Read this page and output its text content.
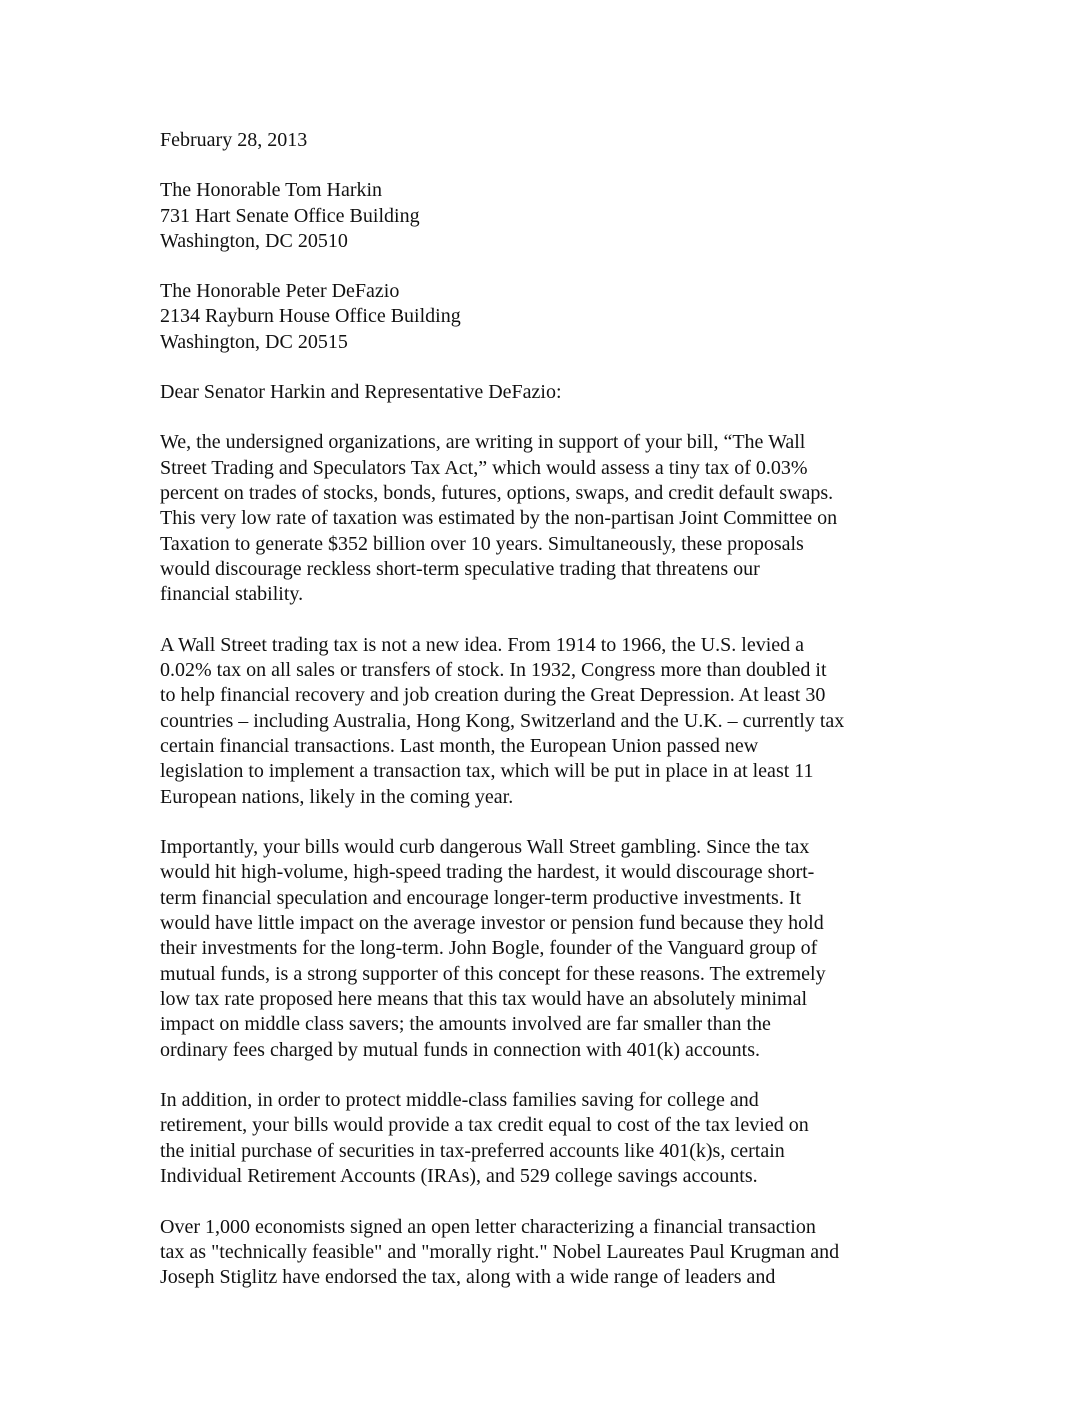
February 28, 2013
The Honorable Tom Harkin
731 Hart Senate Office Building
Washington, DC 20510
The Honorable Peter DeFazio
2134 Rayburn House Office Building
Washington, DC 20515
Dear Senator Harkin and Representative DeFazio:
We, the undersigned organizations, are writing in support of your bill, “The Wall
Street Trading and Speculators Tax Act,” which would assess a tiny tax of 0.03%
percent on trades of stocks, bonds, futures, options, swaps, and credit default swaps.
This very low rate of taxation was estimated by the non-partisan Joint Committee on
Taxation to generate $352 billion over 10 years. Simultaneously, these proposals
would discourage reckless short-term speculative trading that threatens our
financial stability.
A Wall Street trading tax is not a new idea. From 1914 to 1966, the U.S. levied a
0.02% tax on all sales or transfers of stock. In 1932, Congress more than doubled it
to help financial recovery and job creation during the Great Depression. At least 30
countries – including Australia, Hong Kong, Switzerland and the U.K. – currently tax
certain financial transactions. Last month, the European Union passed new
legislation to implement a transaction tax, which will be put in place in at least 11
European nations, likely in the coming year.
Importantly, your bills would curb dangerous Wall Street gambling. Since the tax
would hit high-volume, high-speed trading the hardest, it would discourage short-
term financial speculation and encourage longer-term productive investments. It
would have little impact on the average investor or pension fund because they hold
their investments for the long-term. John Bogle, founder of the Vanguard group of
mutual funds, is a strong supporter of this concept for these reasons. The extremely
low tax rate proposed here means that this tax would have an absolutely minimal
impact on middle class savers; the amounts involved are far smaller than the
ordinary fees charged by mutual funds in connection with 401(k) accounts.
In addition, in order to protect middle-class families saving for college and
retirement, your bills would provide a tax credit equal to cost of the tax levied on
the initial purchase of securities in tax-preferred accounts like 401(k)s, certain
Individual Retirement Accounts (IRAs), and 529 college savings accounts.
Over 1,000 economists signed an open letter characterizing a financial transaction
tax as "technically feasible" and "morally right." Nobel Laureates Paul Krugman and
Joseph Stiglitz have endorsed the tax, along with a wide range of leaders and
